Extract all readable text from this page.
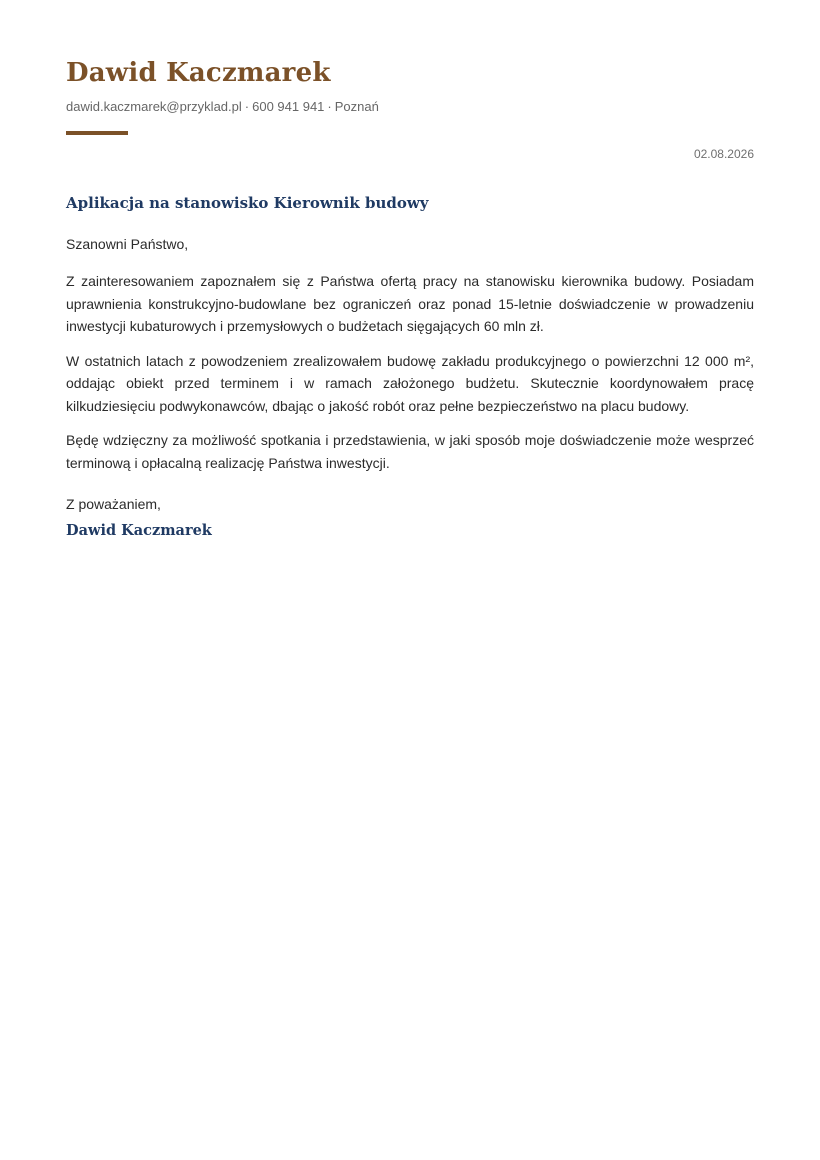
Dawid Kaczmarek
dawid.kaczmarek@przyklad.pl · 600 941 941 · Poznań
02.08.2026
Aplikacja na stanowisko Kierownik budowy
Szanowni Państwo,

Z zainteresowaniem zapoznałem się z Państwa ofertą pracy na stanowisku kierownika budowy. Posiadam uprawnienia konstrukcyjno-budowlane bez ograniczeń oraz ponad 15-letnie doświadczenie w prowadzeniu inwestycji kubaturowych i przemysłowych o budżetach sięgających 60 mln zł.

W ostatnich latach z powodzeniem zrealizowałem budowę zakładu produkcyjnego o powierzchni 12 000 m², oddając obiekt przed terminem i w ramach założonego budżetu. Skutecznie koordynowałem pracę kilkudziesięciu podwykonawców, dbając o jakość robót oraz pełne bezpieczeństwo na placu budowy.

Będę wdzięczny za możliwość spotkania i przedstawienia, w jaki sposób moje doświadczenie może wesprzeć terminową i opłacalną realizację Państwa inwestycji.

Z poważaniem,
Dawid Kaczmarek
